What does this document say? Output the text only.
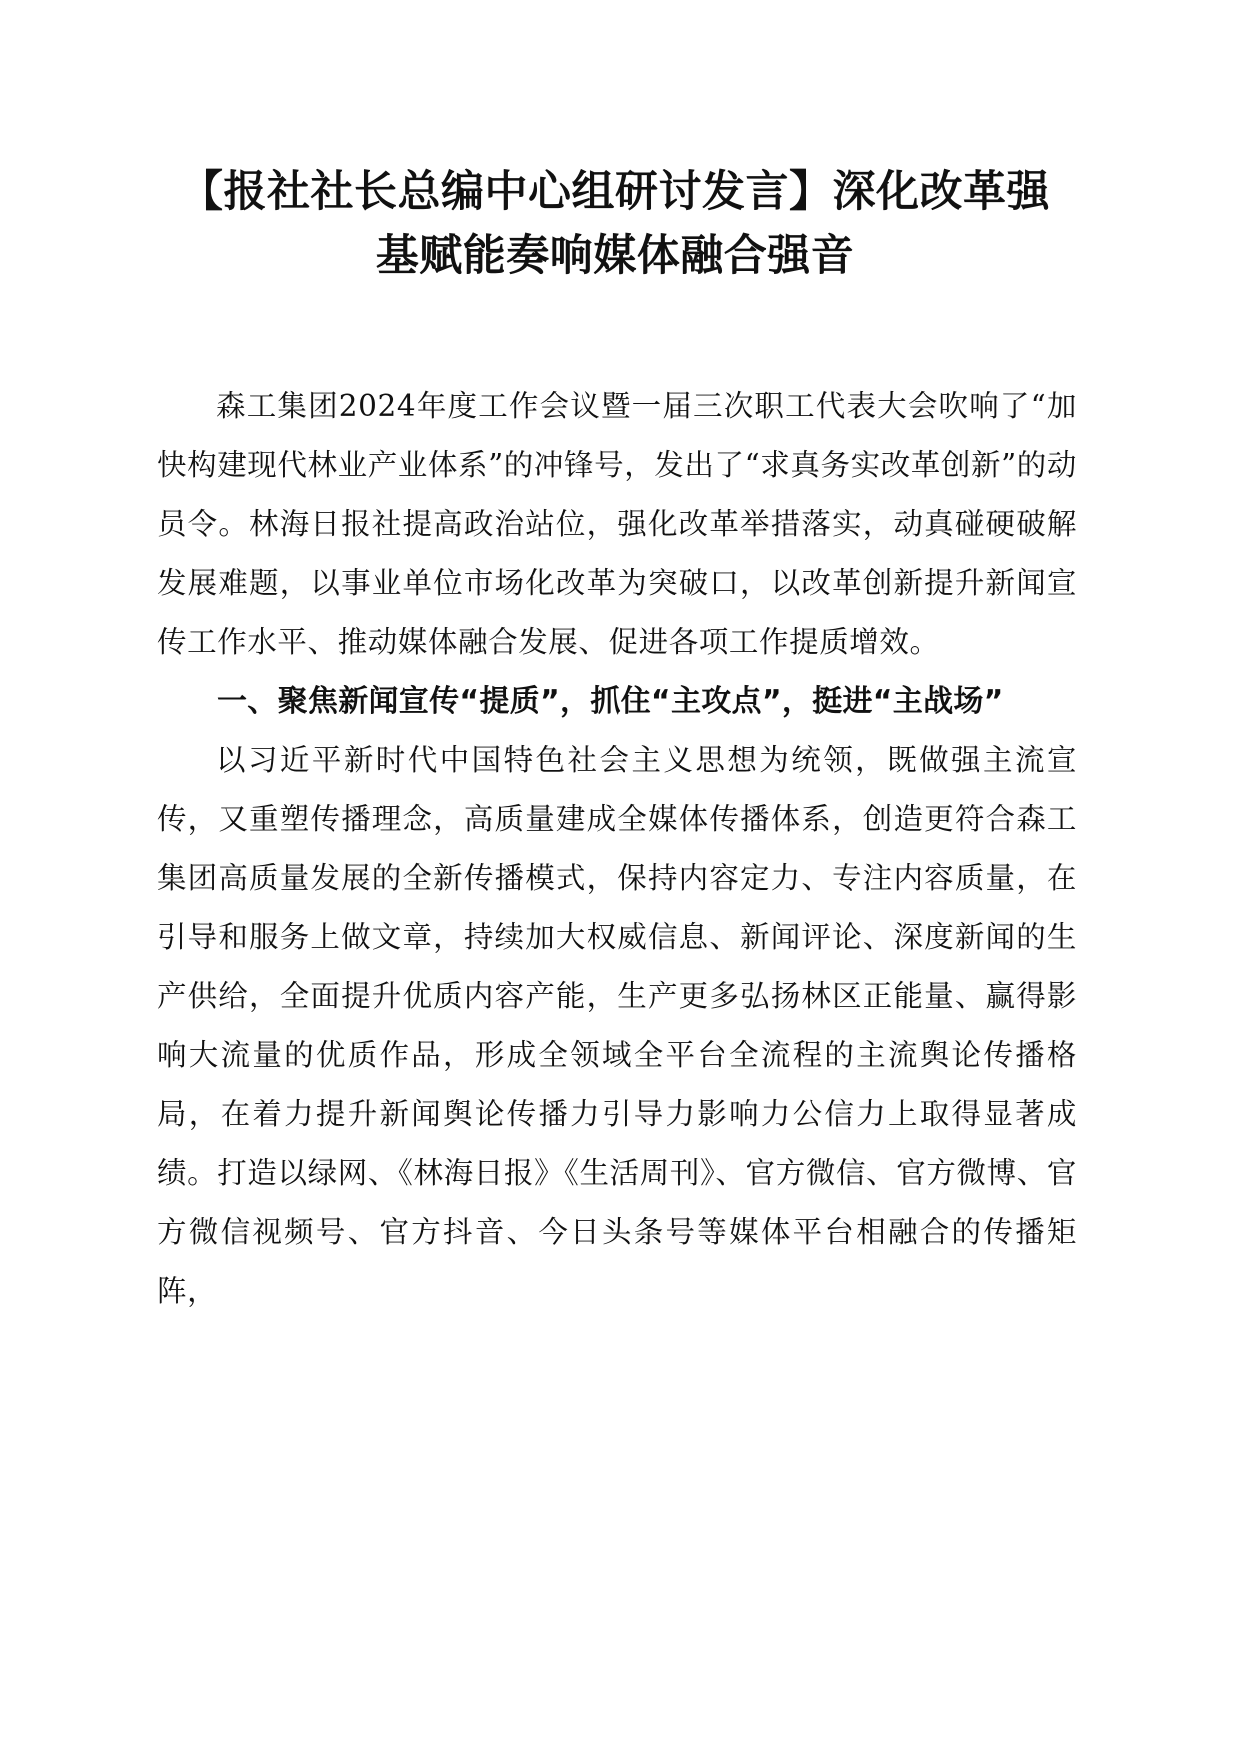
【报社社长总编中心组研讨发言】深化改革强
基赋能奏响媒体融合强音

森工集团2024年度工作会议暨一届三次职工代表大会吹响了“加快构建现代林业产业体系”的冲锋号，发出了“求真务实改革创新”的动员令。林海日报社提高政治站位，强化改革举措落实，动真碰硬破解发展难题，以事业单位市场化改革为突破口，以改革创新提升新闻宣传工作水平、推动媒体融合发展、促进各项工作提质增效。

一、聚焦新闻宣传“提质”，抓住“主攻点”，挺进“主战场”

以习近平新时代中国特色社会主义思想为统领，既做强主流宣传，又重塑传播理念，高质量建成全媒体传播体系，创造更符合森工集团高质量发展的全新传播模式，保持内容定力、专注内容质量，在引导和服务上做文章，持续加大权威信息、新闻评论、深度新闻的生产供给，全面提升优质内容产能，生产更多弘扬林区正能量、赢得影响大流量的优质作品，形成全领域全平台全流程的主流舆论传播格局，在着力提升新闻舆论传播力引导力影响力公信力上取得显著成绩。打造以绿网、《林海日报》《生活周刊》、官方微信、官方微博、官方微信视频号、官方抖音、今日头条号等媒体平台相融合的传播矩阵，
